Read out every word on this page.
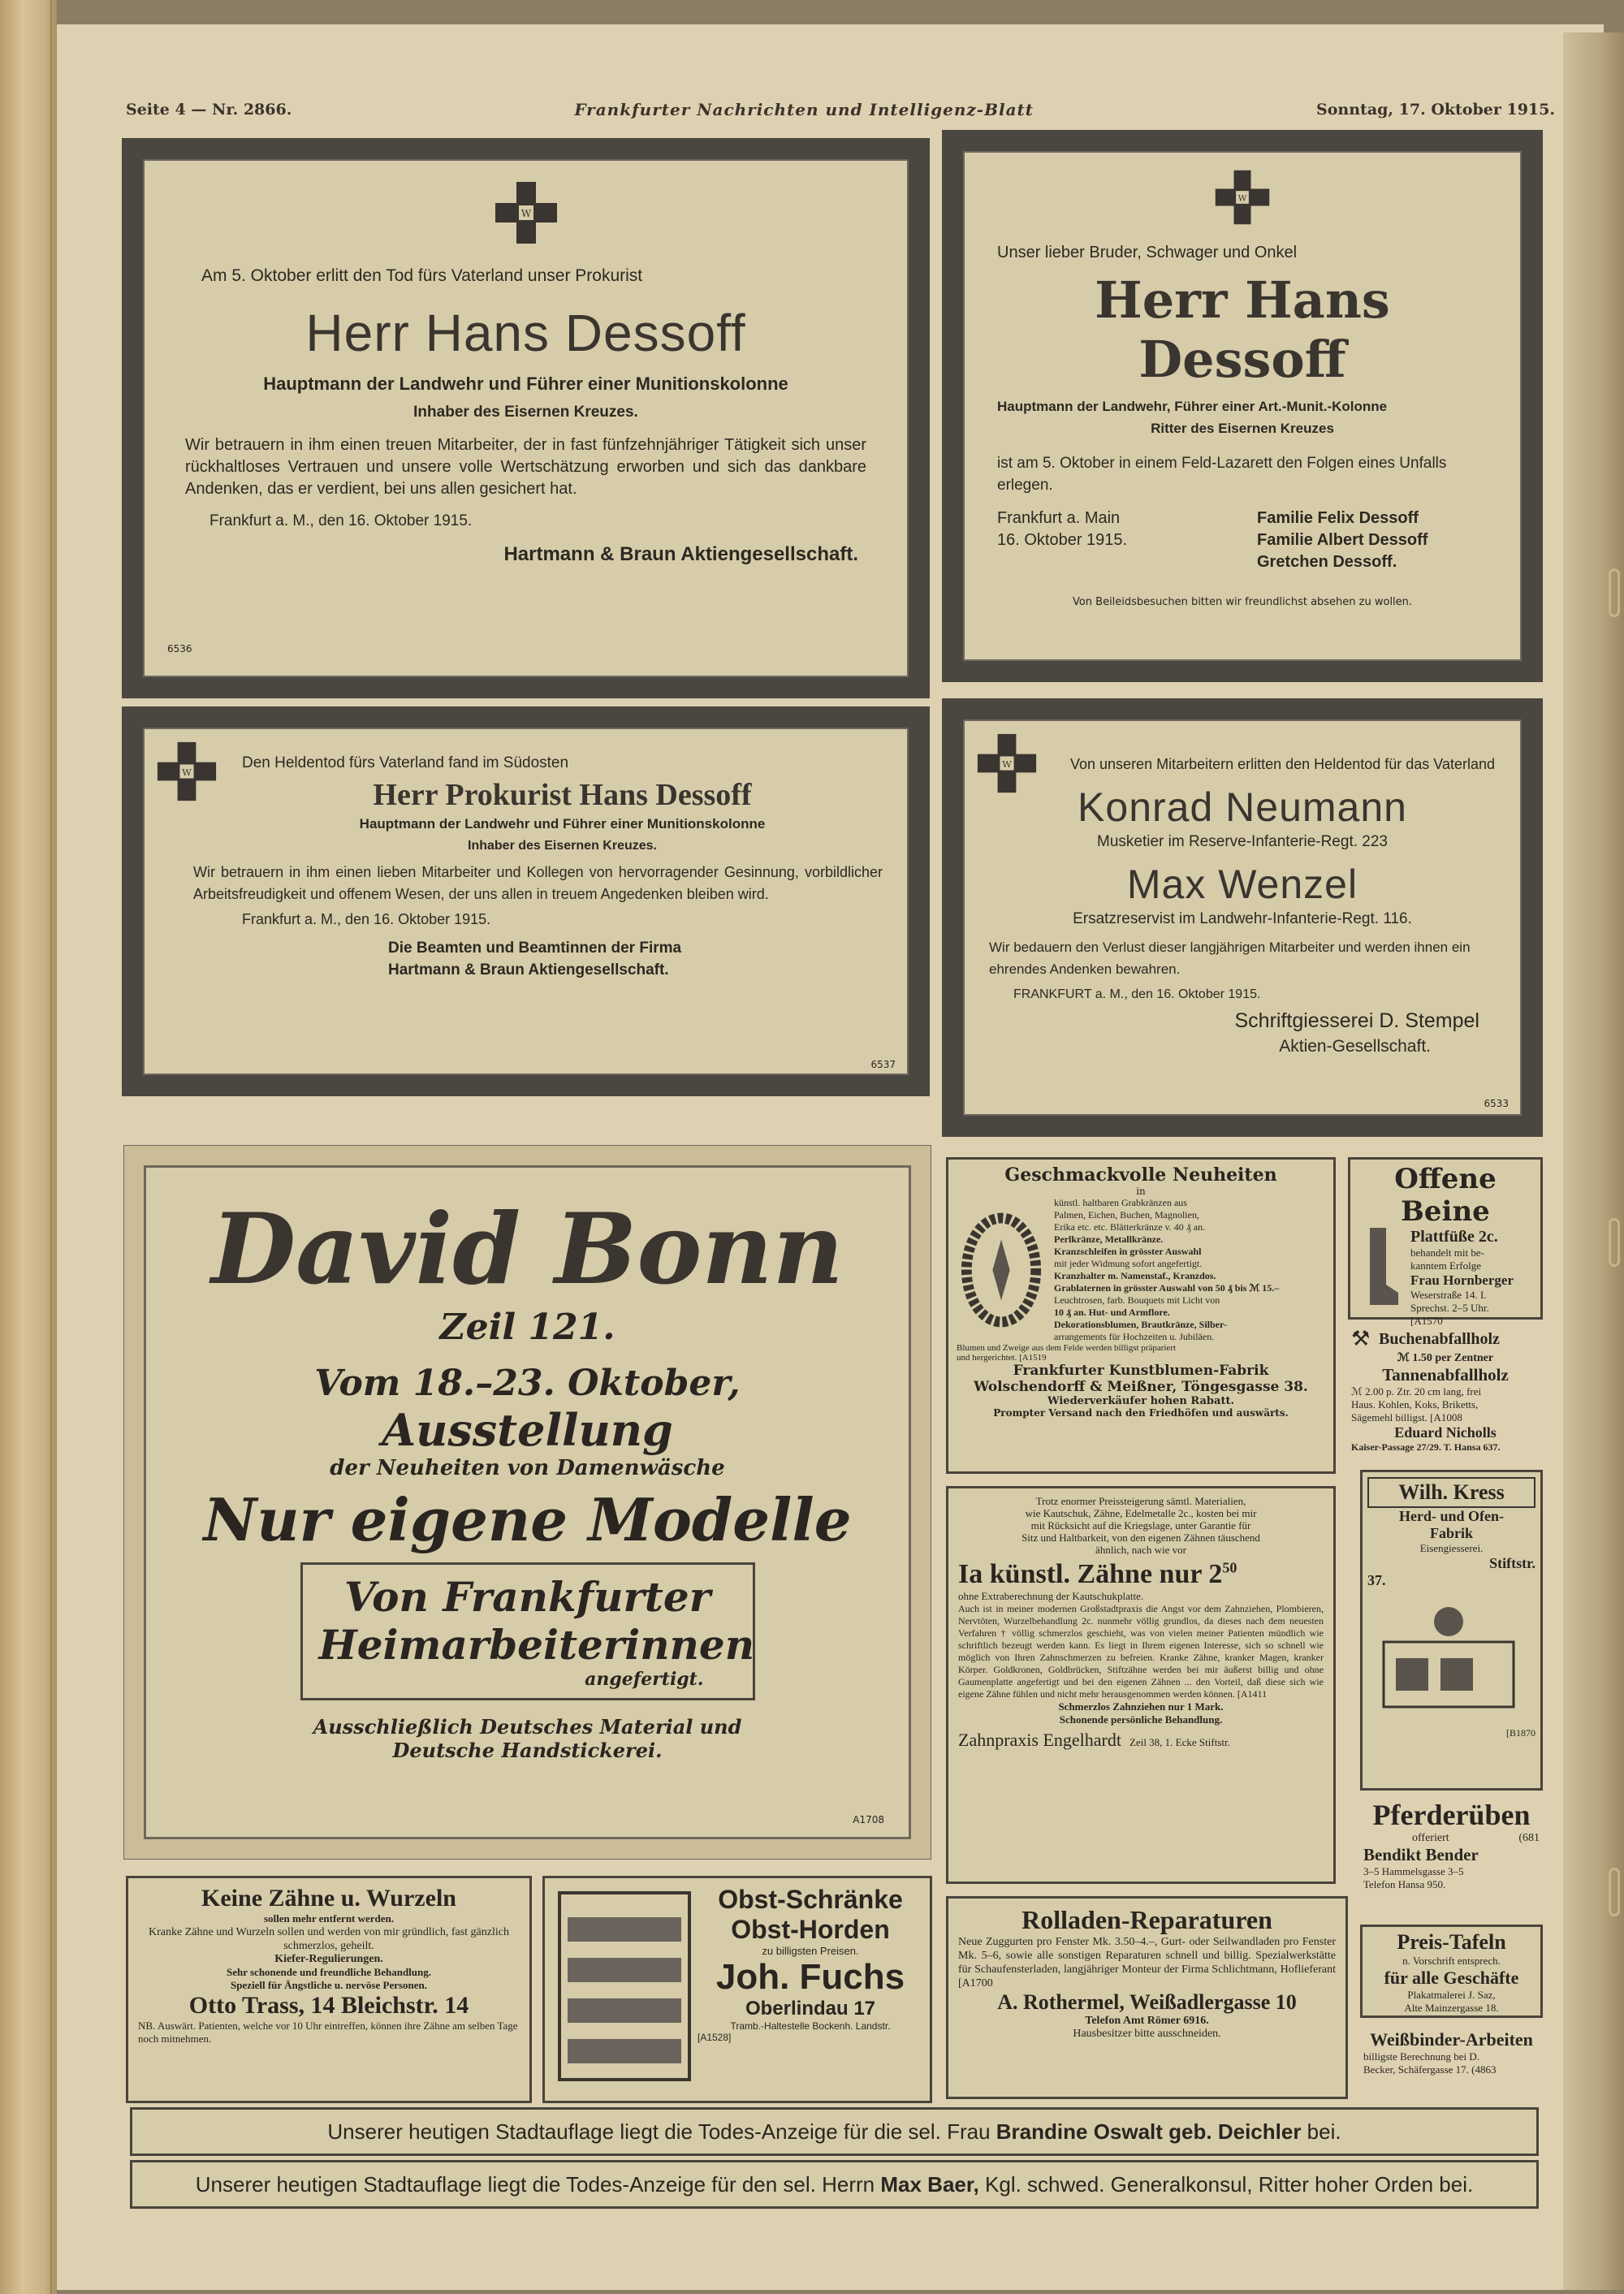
Seite 4 — Nr. 2866.	Frankfurter Nachrichten und Intelligenz-Blatt	Sonntag, 17. Oktober 1915.
W
Am 5. Oktober erlitt den Tod fürs Vaterland unser Prokurist
Herr Hans Dessoff
Hauptmann der Landwehr und Führer einer Munitionskolonne
Inhaber des Eisernen Kreuzes.
Wir betrauern in ihm einen treuen Mitarbeiter, der in fast fünfzehnjähriger Tätigkeit sich unser rückhaltloses Vertrauen und unsere volle Wertschätzung erworben und sich das dankbare Andenken, das er verdient, bei uns allen gesichert hat.
Frankfurt a. M., den 16. Oktober 1915.
Hartmann & Braun Aktiengesellschaft.
6536
W
Unser lieber Bruder, Schwager und Onkel
Herr Hans Dessoff
Hauptmann der Landwehr, Führer einer Art.-Munit.-Kolonne
Ritter des Eisernen Kreuzes
ist am 5. Oktober in einem Feld-Lazarett den Folgen eines Unfalls erlegen.
Frankfurt a. Main
16. Oktober 1915.
Familie Felix Dessoff
Familie Albert Dessoff
Gretchen Dessoff.
Von Beileidsbesuchen bitten wir freundlichst absehen zu wollen.
W
Den Heldentod fürs Vaterland fand im Südosten
Herr Prokurist Hans Dessoff
Hauptmann der Landwehr und Führer einer Munitionskolonne
Inhaber des Eisernen Kreuzes.
Wir betrauern in ihm einen lieben Mitarbeiter und Kollegen von hervorragender Gesinnung, vorbildlicher Arbeitsfreudigkeit und offenem Wesen, der uns allen in treuem Angedenken bleiben wird.
Frankfurt a. M., den 16. Oktober 1915.
Die Beamten und Beamtinnen der Firma
Hartmann & Braun Aktiengesellschaft.
6537
W	Von unseren Mitarbeitern erlitten den Heldentod für das Vaterland
Konrad Neumann
Musketier im Reserve-Infanterie-Regt. 223
Max Wenzel
Ersatzreservist im Landwehr-Infanterie-Regt. 116.
Wir bedauern den Verlust dieser langjährigen Mitarbeiter und werden ihnen ein ehrendes Andenken bewahren.
FRANKFURT a. M., den 16. Oktober 1915.
Schriftgiesserei D. Stempel
Aktien-Gesellschaft.
6533
David Bonn
Zeil 121.
Vom 18.–23. Oktober,
Ausstellung
der Neuheiten von Damenwäsche
Nur eigene Modelle
Von Frankfurter
Heimarbeiterinnen
angefertigt.
Ausschließlich Deutsches Material und
Deutsche Handstickerei.
A1708
Geschmackvolle Neuheiten
in
künstl. haltbaren Grabkränzen aus
Palmen, Eichen, Buchen, Magnolien,
Erika etc. etc. Blätterkränze v. 40 ₰ an.
Perlkränze, Metallkränze.
Kranzschleifen in grösster Auswahl
mit jeder Widmung sofort angefertigt.
Kranzhalter m. Namenstaf., Kranzdos.
Grablaternen in grösster Auswahl von 50 ₰ bis ℳ 15.–
Leuchtrosen, farb. Bouquets mit Licht von
10 ₰ an. Hut- und Armflore.
Dekorationsblumen, Brautkränze, Silber-
arrangements für Hochzeiten u. Jubiläen.
Blumen und Zweige aus dem Felde werden billigst präpariert
und hergerichtet. [A1519
Frankfurter Kunstblumen-Fabrik
Wolschendorff & Meißner, Töngesgasse 38.
Wiederverkäufer hohen Rabatt.
Prompter Versand nach den Friedhöfen und auswärts.
Offene Beine
Plattfüße 2c.
behandelt mit be-
kanntem Erfolge
Frau Hornberger
Weserstraße 14. I.
Sprechst. 2–5 Uhr.
[A1570
⚒ Buchenabfallholz
ℳ 1.50 per Zentner
Tannenabfallholz
ℳ 2.00 p. Ztr. 20 cm lang, frei
Haus. Kohlen, Koks, Briketts,
Sägemehl billigst. [A1008
Eduard Nicholls
Kaiser-Passage 27/29. T. Hansa 637.
Trotz enormer Preissteigerung sämtl. Materialien,
wie Kautschuk, Zähne, Edelmetalle 2c., kosten bei mir
mit Rücksicht auf die Kriegslage, unter Garantie für
Sitz und Haltbarkeit, von den eigenen Zähnen täuschend
ähnlich, nach wie vor
Ia künstl. Zähne nur $2^{50}$
ohne Extraberechnung der Kautschukplatte.
Auch ist in meiner modernen Großstadtpraxis die Angst vor dem Zahnziehen, Plombieren, Nervtöten, Wurzelbehandlung 2c. nunmehr völlig grundlos, da dieses nach dem neuesten Verfahren † völlig schmerzlos geschieht, was von vielen meiner Patienten mündlich wie schriftlich bezeugt werden kann. Es liegt in Ihrem eigenen Interesse, sich so schnell wie möglich von Ihren Zahnschmerzen zu befreien. Kranke Zähne, kranker Magen, kranker Körper. Goldkronen, Goldbrücken, Stiftzähne werden bei mir äußerst billig und ohne Gaumenplatte angefertigt und bei den eigenen Zähnen ... den Vorteil, daß diese sich wie eigene Zähne fühlen und nicht mehr herausgenommen werden können. [A1411
Schmerzlos Zahnziehen nur 1 Mark.
Schonende persönliche Behandlung.
Zahnpraxis Engelhardt Zeil 38, 1. Ecke Stiftstr.
Wilh. Kress
Herd- und Ofen-
Fabrik
Eisengiesserei.
Stiftstr.
37.
[B1870
Pferderüben
offeriert	(681
Bendikt Bender
3–5 Hammelsgasse 3–5
Telefon Hansa 950.
Keine Zähne u. Wurzeln
sollen mehr entfernt werden.
Kranke Zähne und Wurzeln sollen und werden von mir gründlich, fast gänzlich schmerzlos, geheilt.
Kiefer-Regulierungen.
Sehr schonende und freundliche Behandlung.
Speziell für Ängstliche u. nervöse Personen.
Otto Trass, 14 Bleichstr. 14
NB. Auswärt. Patienten, welche vor 10 Uhr eintreffen, können ihre Zähne am selben Tage noch mitnehmen.
Obst-Schränke
Obst-Horden
zu billigsten Preisen.
Joh. Fuchs
Oberlindau 17
Tramb.-Haltestelle Bockenh. Landstr.
[A1528]
Rolladen-Reparaturen
Neue Zuggurten pro Fenster Mk. 3.50–4.–, Gurt- oder Seilwandladen pro Fenster Mk. 5–6, sowie alle sonstigen Reparaturen schnell und billig. Spezialwerkstätte für Schaufensterladen, langjähriger Monteur der Firma Schlichtmann, Hoflieferant [A1700
A. Rothermel, Weißadlergasse 10
Telefon Amt Römer 6916.
Hausbesitzer bitte ausschneiden.
Preis-Tafeln
n. Vorschrift entsprech.
für alle Geschäfte
Plakatmalerei J. Saz,
Alte Mainzergasse 18.
Weißbinder-Arbeiten
billigste Berechnung bei D.
Becker, Schäfergasse 17. (4863
Unserer heutigen Stadtauflage liegt die Todes-Anzeige für die sel. Frau
Brandine Oswalt geb. Deichler
bei.
Unserer heutigen Stadtauflage liegt die Todes-Anzeige für den sel. Herrn
Max Baer,
Kgl. schwed. Generalkonsul, Ritter hoher Orden bei.
